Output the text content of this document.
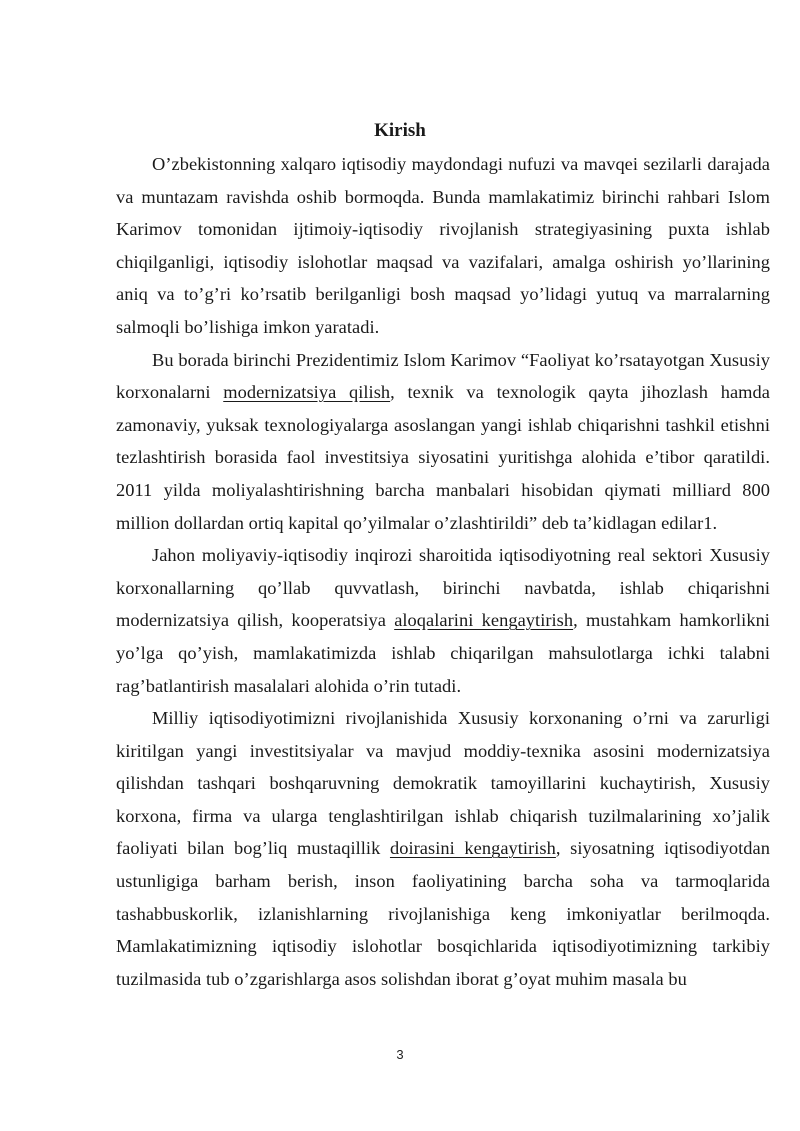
Kirish

O’zbekistonning xalqaro iqtisodiy maydondagi nufuzi va mavqei sezilarli darajada va muntazam ravishda oshib bormoqda. Bunda mamlakatimiz birinchi rahbari Islom Karimov tomonidan ijtimoiy-iqtisodiy rivojlanish strategiyasining puxta ishlab chiqilganligi, iqtisodiy islohotlar maqsad va vazifalari, amalga oshirish yo’llarining aniq va to’g’ri ko’rsatib berilganligi bosh maqsad yo’lidagi yutuq va marralarning salmoqli bo’lishiga imkon yaratadi.

Bu borada birinchi Prezidentimiz Islom Karimov “Faoliyat ko’rsatayotgan Xususiy korxonalarni modernizatsiya qilish, texnik va texnologik qayta jihozlash hamda zamonaviy, yuksak texnologiyalarga asoslangan yangi ishlab chiqarishni tashkil etishni tezlashtirish borasida faol investitsiya siyosatini yuritishga alohida e’tibor qaratildi. 2011 yilda moliyalashtirishning barcha manbalari hisobidan qiymati milliard 800 million dollardan ortiq kapital qo’yilmalar o’zlashtirildi” deb ta’kidlagan edilar1.

Jahon moliyaviy-iqtisodiy inqirozi sharoitida iqtisodiyotning real sektori Xususiy korxonallarning qo’llab quvvatlash, birinchi navbatda, ishlab chiqarishni modernizatsiya qilish, kooperatsiya aloqalarini kengaytirish, mustahkam hamkorlikni yo’lga qo’yish, mamlakatimizda ishlab chiqarilgan mahsulotlarga ichki talabni rag’batlantirish masalalari alohida o’rin tutadi.

Milliy iqtisodiyotimizni rivojlanishida Xususiy korxonaning o’rni va zarurligi kiritilgan yangi investitsiyalar va mavjud moddiy-texnika asosini modernizatsiya qilishdan tashqari boshqaruvning demokratik tamoyillarini kuchaytirish, Xususiy korxona, firma va ularga tenglashtirilgan ishlab chiqarish tuzilmalarining xo’jalik faoliyati bilan bog’liq mustaqillik doirasini kengaytirish, siyosatning iqtisodiyotdan ustunligiga barham berish, inson faoliyatining barcha soha va tarmoqlarida tashabbuskorlik, izlanishlarning rivojlanishiga keng imkoniyatlar berilmoqda. Mamlakatimizning iqtisodiy islohotlar bosqichlarida iqtisodiyotimizning tarkibiy tuzilmasida tub o’zgarishlarga asos solishdan iborat g’oyat muhim masala bu

3
